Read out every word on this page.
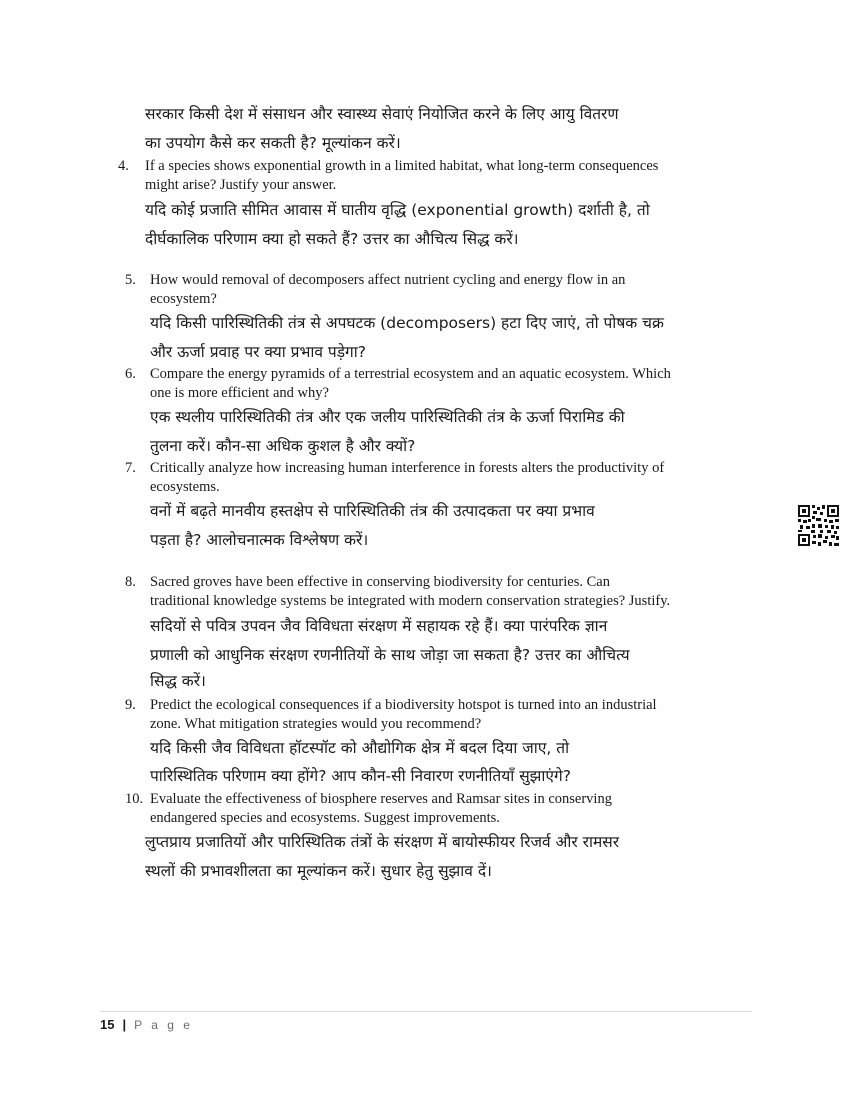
सरकार किसी देश में संसाधन और स्वास्थ्य सेवाएं नियोजित करने के लिए आयु वितरण
का उपयोग कैसे कर सकती है? मूल्यांकन करें।
4. If a species shows exponential growth in a limited habitat, what long-term consequences
might arise? Justify your answer.
यदि कोई प्रजाति सीमित आवास में घातीय वृद्धि (exponential growth) दर्शाती है, तो
दीर्घकालिक परिणाम क्या हो सकते हैं? उत्तर का औचित्य सिद्ध करें।
5. How would removal of decomposers affect nutrient cycling and energy flow in an
ecosystem?
यदि किसी पारिस्थितिकी तंत्र से अपघटक (decomposers) हटा दिए जाएं, तो पोषक चक्र
और ऊर्जा प्रवाह पर क्या प्रभाव पड़ेगा?
6. Compare the energy pyramids of a terrestrial ecosystem and an aquatic ecosystem. Which
one is more efficient and why?
एक स्थलीय पारिस्थितिकी तंत्र और एक जलीय पारिस्थितिकी तंत्र के ऊर्जा पिरामिड की
तुलना करें। कौन-सा अधिक कुशल है और क्यों?
7. Critically analyze how increasing human interference in forests alters the productivity of
ecosystems.
वनों में बढ़ते मानवीय हस्तक्षेप से पारिस्थितिकी तंत्र की उत्पादकता पर क्या प्रभाव
पड़ता है? आलोचनात्मक विश्लेषण करें।
8. Sacred groves have been effective in conserving biodiversity for centuries. Can
traditional knowledge systems be integrated with modern conservation strategies? Justify.
सदियों से पवित्र उपवन जैव विविधता संरक्षण में सहायक रहे हैं। क्या पारंपरिक ज्ञान
प्रणाली को आधुनिक संरक्षण रणनीतियों के साथ जोड़ा जा सकता है? उत्तर का औचित्य
सिद्ध करें।
9. Predict the ecological consequences if a biodiversity hotspot is turned into an industrial
zone. What mitigation strategies would you recommend?
यदि किसी जैव विविधता हॉटस्पॉट को औद्योगिक क्षेत्र में बदल दिया जाए, तो
पारिस्थितिक परिणाम क्या होंगे? आप कौन-सी निवारण रणनीतियाँ सुझाएंगे?
10. Evaluate the effectiveness of biosphere reserves and Ramsar sites in conserving
endangered species and ecosystems. Suggest improvements.
लुप्तप्राय प्रजातियों और पारिस्थितिक तंत्रों के संरक्षण में बायोस्फीयर रिजर्व और रामसर
स्थलों की प्रभावशीलता का मूल्यांकन करें। सुधार हेतु सुझाव दें।
15 | P a g e
